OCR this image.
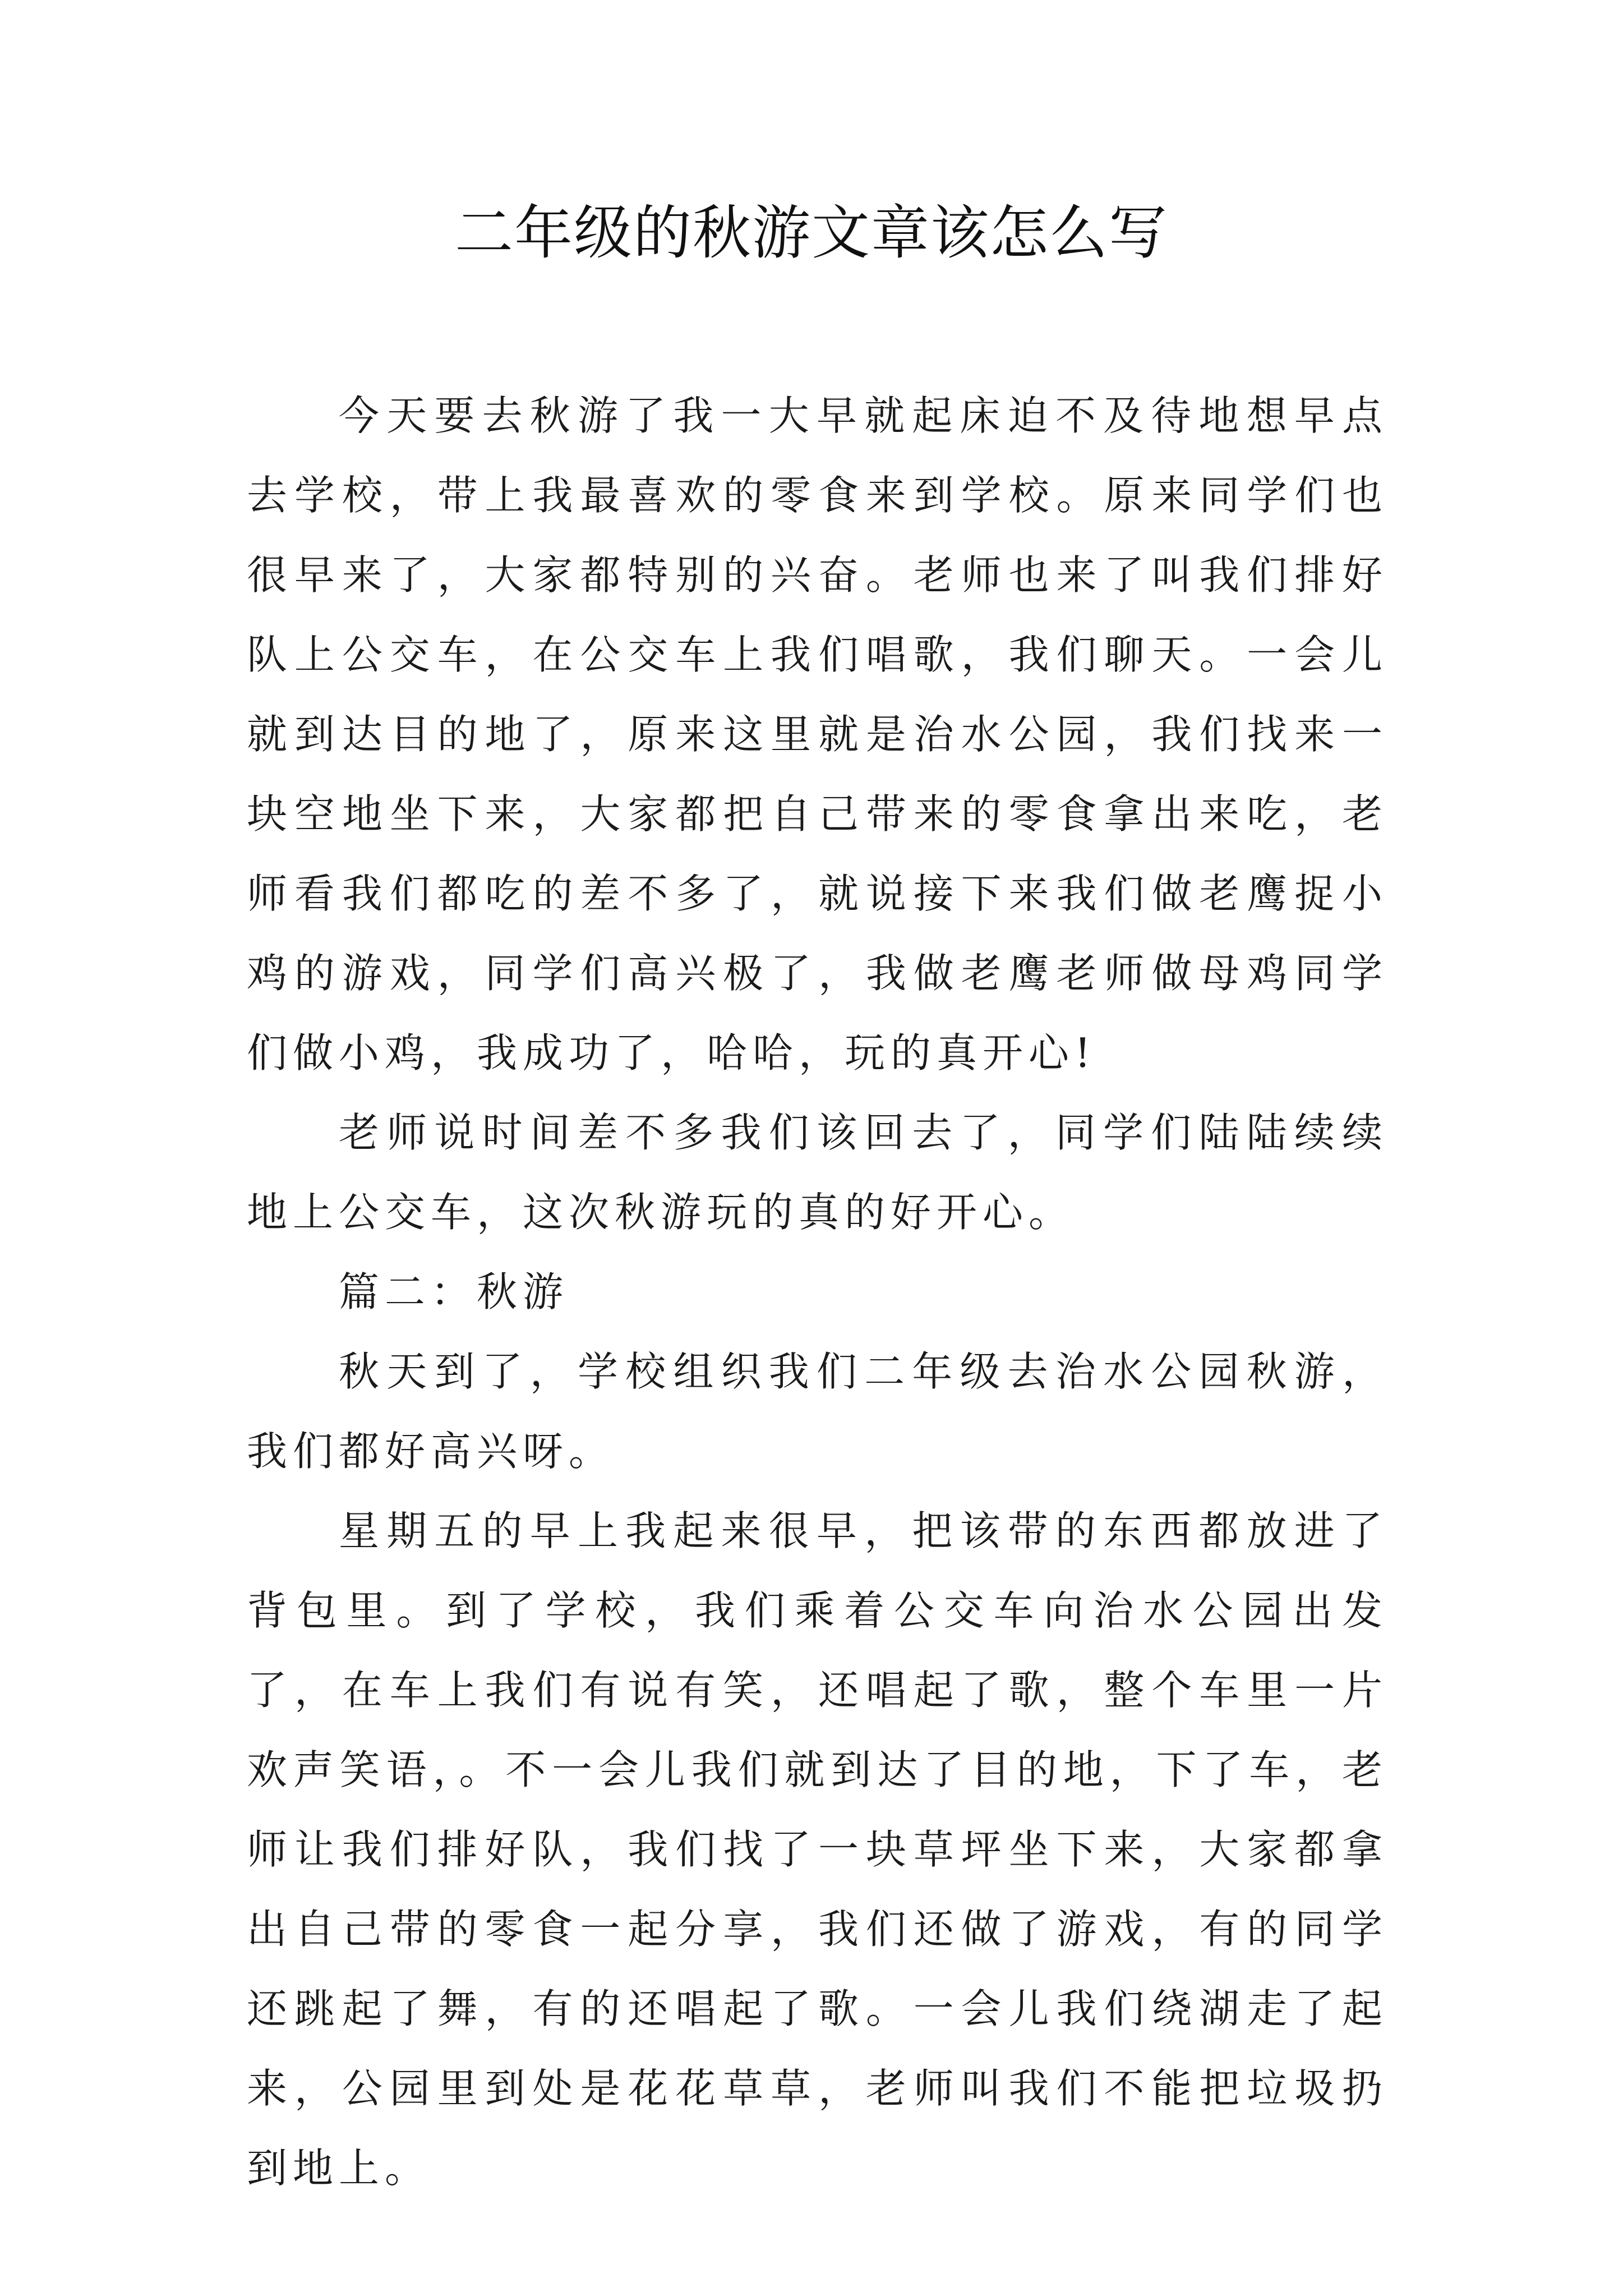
二年级的秋游文章该怎么写

今天要去秋游了我一大早就起床迫不及待地想早点去学校，带上我最喜欢的零食来到学校。原来同学们也很早来了，大家都特别的兴奋。老师也来了叫我们排好队上公交车，在公交车上我们唱歌，我们聊天。一会儿就到达目的地了，原来这里就是治水公园，我们找来一块空地坐下来，大家都把自己带来的零食拿出来吃，老师看我们都吃的差不多了，就说接下来我们做老鹰捉小鸡的游戏，同学们高兴极了，我做老鹰老师做母鸡同学们做小鸡，我成功了，哈哈，玩的真开心!

老师说时间差不多我们该回去了，同学们陆陆续续地上公交车，这次秋游玩的真的好开心。

篇二：秋游

秋天到了，学校组织我们二年级去治水公园秋游，我们都好高兴呀。

星期五的早上我起来很早，把该带的东西都放进了背包里。到了学校，我们乘着公交车向治水公园出发了，在车上我们有说有笑，还唱起了歌，整个车里一片欢声笑语，。不一会儿我们就到达了目的地，下了车，老师让我们排好队，我们找了一块草坪坐下来，大家都拿出自己带的零食一起分享，我们还做了游戏，有的同学还跳起了舞，有的还唱起了歌。一会儿我们绕湖走了起来，公园里到处是花花草草，老师叫我们不能把垃圾扔到地上。
